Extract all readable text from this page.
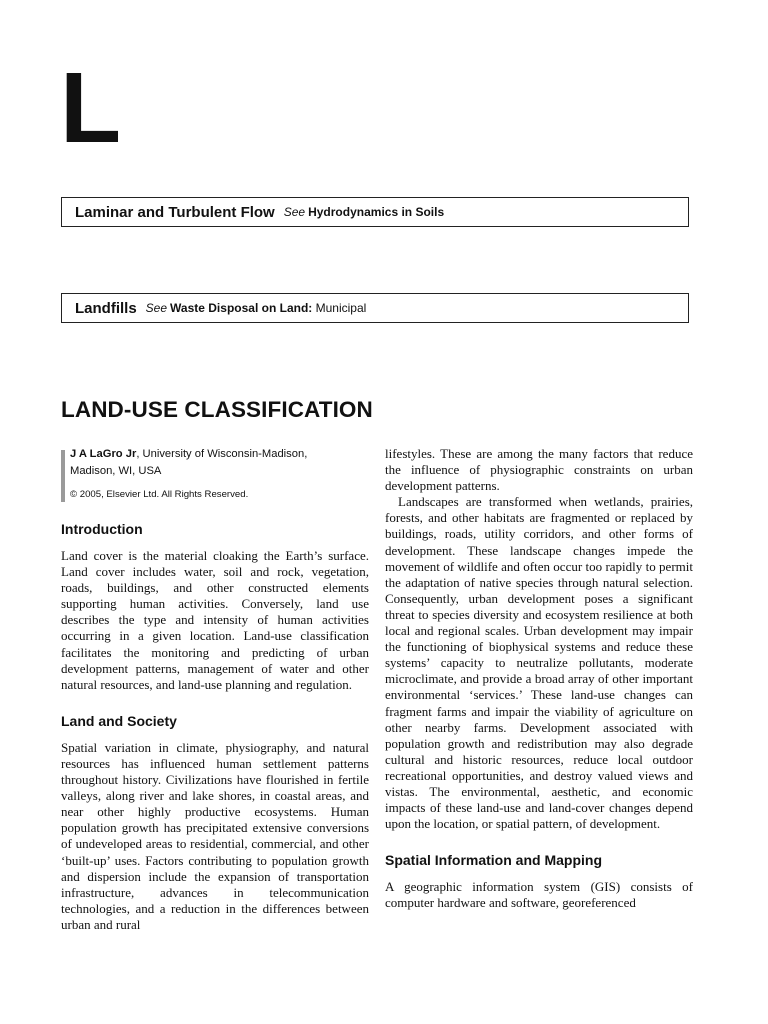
L
Laminar and Turbulent Flow See Hydrodynamics in Soils
Landfills See Waste Disposal on Land: Municipal
LAND-USE CLASSIFICATION
J A LaGro Jr, University of Wisconsin-Madison,
Madison, WI, USA
© 2005, Elsevier Ltd. All Rights Reserved.
Introduction

Land cover is the material cloaking the Earth’s surface. Land cover includes water, soil and rock, vegetation, roads, buildings, and other constructed elements supporting human activities. Conversely, land use describes the type and intensity of human activities occurring in a given location. Land-use classification facilitates the monitoring and predicting of urban development patterns, management of water and other natural resources, and land-use planning and regulation.

Land and Society

Spatial variation in climate, physiography, and natural resources has influenced human settlement patterns throughout history. Civilizations have flourished in fertile valleys, along river and lake shores, in coastal areas, and near other highly productive ecosystems. Human population growth has precipitated extensive conversions of undeveloped areas to residential, commercial, and other ‘built-up’ uses. Factors contributing to population growth and dispersion include the expansion of transportation infrastructure, advances in telecommunication technologies, and a reduction in the differences between urban and rural

lifestyles. These are among the many factors that reduce the influence of physiographic constraints on urban development patterns.

Landscapes are transformed when wetlands, prairies, forests, and other habitats are fragmented or replaced by buildings, roads, utility corridors, and other forms of development. These landscape changes impede the movement of wildlife and often occur too rapidly to permit the adaptation of native species through natural selection. Consequently, urban development poses a significant threat to species diversity and ecosystem resilience at both local and regional scales. Urban development may impair the functioning of biophysical systems and reduce these systems’ capacity to neutralize pollutants, moderate microclimate, and provide a broad array of other important environmental ‘services.’ These land-use changes can fragment farms and impair the viability of agriculture on other nearby farms. Development associated with population growth and redistribution may also degrade cultural and historic resources, reduce local outdoor recreational opportunities, and destroy valued views and vistas. The environmental, aesthetic, and economic impacts of these land-use and land-cover changes depend upon the location, or spatial pattern, of development.

Spatial Information and Mapping

A geographic information system (GIS) consists of computer hardware and software, georeferenced
